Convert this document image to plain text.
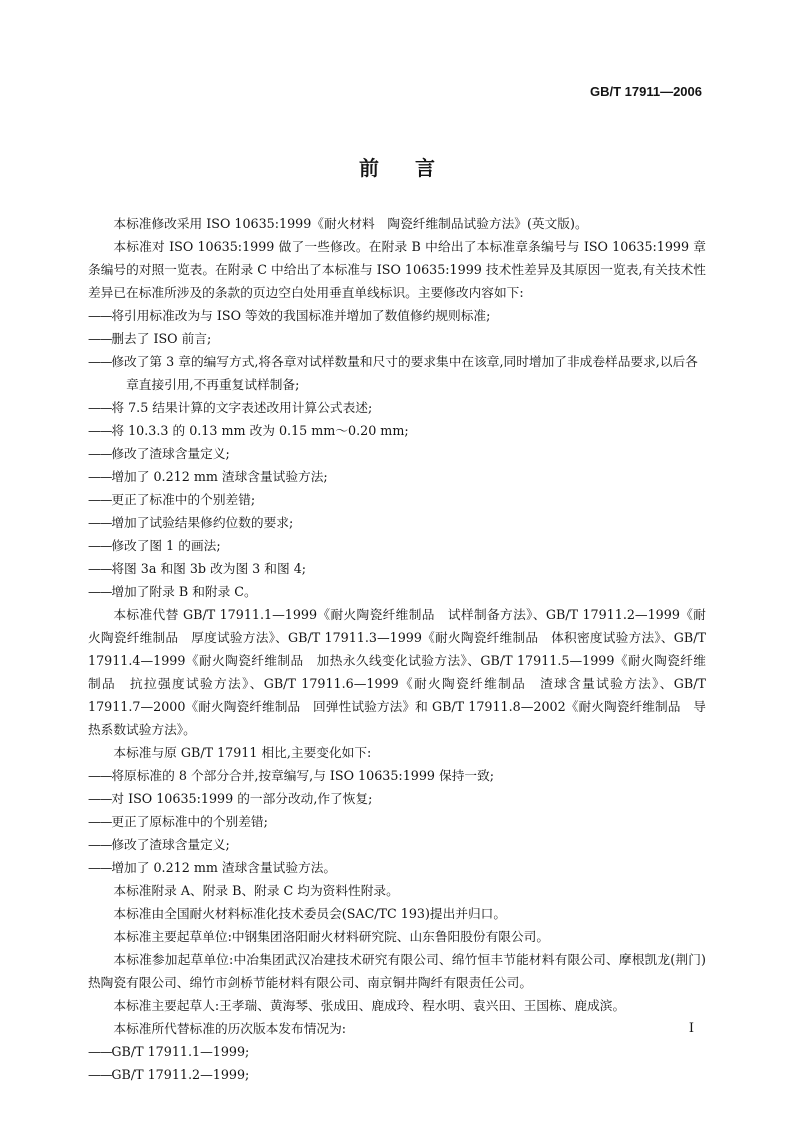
GB/T 17911—2006
前言

本标准修改采用 ISO 10635:1999《耐火材料　陶瓷纤维制品试验方法》(英文版)。

本标准对 ISO 10635:1999 做了一些修改。在附录 B 中给出了本标准章条编号与 ISO 10635:1999 章条编号的对照一览表。在附录 C 中给出了本标准与 ISO 10635:1999 技术性差异及其原因一览表,有关技术性差异已在标准所涉及的条款的页边空白处用垂直单线标识。主要修改内容如下:

—— 将引用标准改为与 ISO 等效的我国标准并增加了数值修约规则标准;

—— 删去了 ISO 前言;

—— 修改了第 3 章的编写方式,将各章对试样数量和尺寸的要求集中在该章,同时增加了非成卷样品要求,以后各章直接引用,不再重复试样制备;

—— 将 7.5 结果计算的文字表述改用计算公式表述;

—— 将 10.3.3 的 0.13 mm 改为 0.15 mm～0.20 mm;

—— 修改了渣球含量定义;

—— 增加了 0.212 mm 渣球含量试验方法;

—— 更正了标准中的个别差错;

—— 增加了试验结果修约位数的要求;

—— 修改了图 1 的画法;

—— 将图 3a 和图 3b 改为图 3 和图 4;

—— 增加了附录 B 和附录 C。

本标准代替 GB/T 17911.1—1999《耐火陶瓷纤维制品　试样制备方法》、GB/T 17911.2—1999《耐火陶瓷纤维制品　厚度试验方法》、GB/T 17911.3—1999《耐火陶瓷纤维制品　体积密度试验方法》、GB/T 17911.4—1999《耐火陶瓷纤维制品　加热永久线变化试验方法》、GB/T 17911.5—1999《耐火陶瓷纤维制品　抗拉强度试验方法》、GB/T 17911.6—1999《耐火陶瓷纤维制品　渣球含量试验方法》、GB/T 17911.7—2000《耐火陶瓷纤维制品　回弹性试验方法》和 GB/T 17911.8—2002《耐火陶瓷纤维制品　导热系数试验方法》。

本标准与原 GB/T 17911 相比,主要变化如下:

—— 将原标准的 8 个部分合并,按章编写,与 ISO 10635:1999 保持一致;

—— 对 ISO 10635:1999 的一部分改动,作了恢复;

—— 更正了原标准中的个别差错;

—— 修改了渣球含量定义;

—— 增加了 0.212 mm 渣球含量试验方法。

本标准附录 A、附录 B、附录 C 均为资料性附录。

本标准由全国耐火材料标准化技术委员会(SAC/TC 193)提出并归口。

本标准主要起草单位:中钢集团洛阳耐火材料研究院、山东鲁阳股份有限公司。

本标准参加起草单位:中冶集团武汉冶建技术研究有限公司、绵竹恒丰节能材料有限公司、摩根凯龙(荆门)热陶瓷有限公司、绵竹市剑桥节能材料有限公司、南京铜井陶纤有限责任公司。

本标准主要起草人:王孝瑞、黄海琴、张成田、鹿成玲、程水明、袁兴田、王国栋、鹿成滨。

本标准所代替标准的历次版本发布情况为:

—— GB/T 17911.1—1999;

—— GB/T 17911.2—1999;

I
